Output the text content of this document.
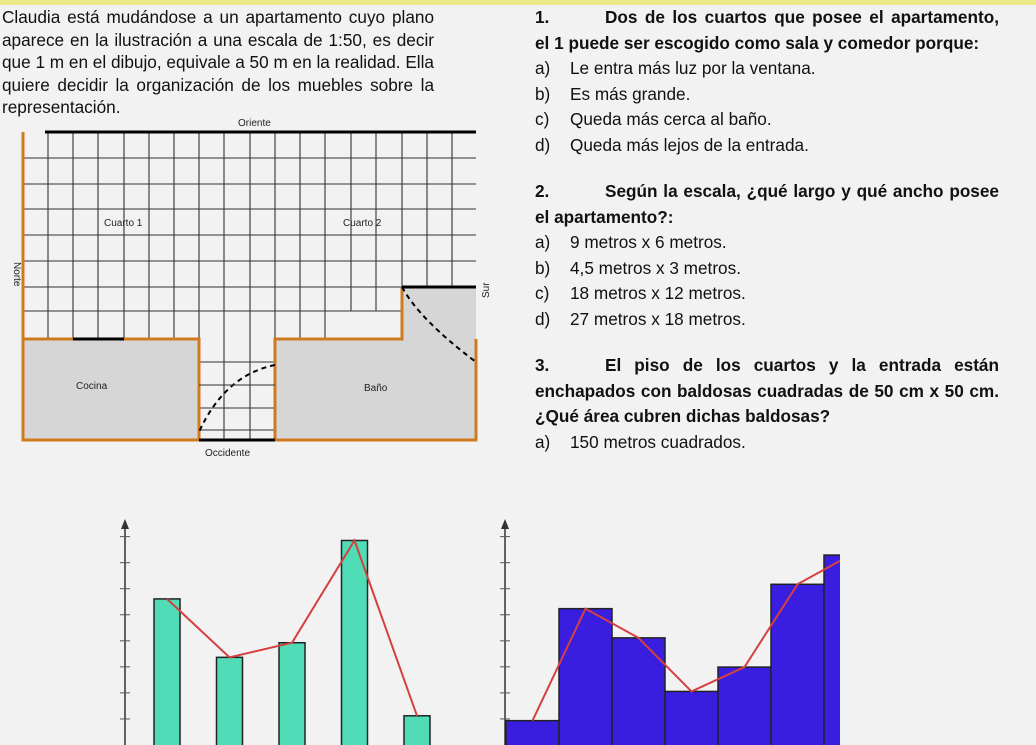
Claudia está mudándose a un apartamento cuyo plano aparece en la ilustración a una escala de 1:50, es decir que 1 m en el dibujo, equivale a 50 m en la realidad. Ella quiere decidir la organización de los muebles sobre la representación.
Oriente
Occidente
Norte
Sur
Cuarto 1	Cuarto 2
Cocina	Baño
1.	Dos de los cuartos que posee el apartamento, el 1 puede ser escogido como sala y comedor porque:
a)	Le entra más luz por la ventana.
b)	Es más grande.
c)	Queda más cerca al baño.
d)	Queda más lejos de la entrada.
2.	Según la escala, ¿qué largo y qué ancho posee el apartamento?:
a)	9 metros x 6 metros.
b)	4,5 metros x 3 metros.
c)	18 metros x 12 metros.
d)	27 metros x 18 metros.
3.	El piso de los cuartos y la entrada están enchapados con baldosas cuadradas de 50 cm x 50 cm. ¿Qué área cubren dichas baldosas?
a)	150 metros cuadrados.
